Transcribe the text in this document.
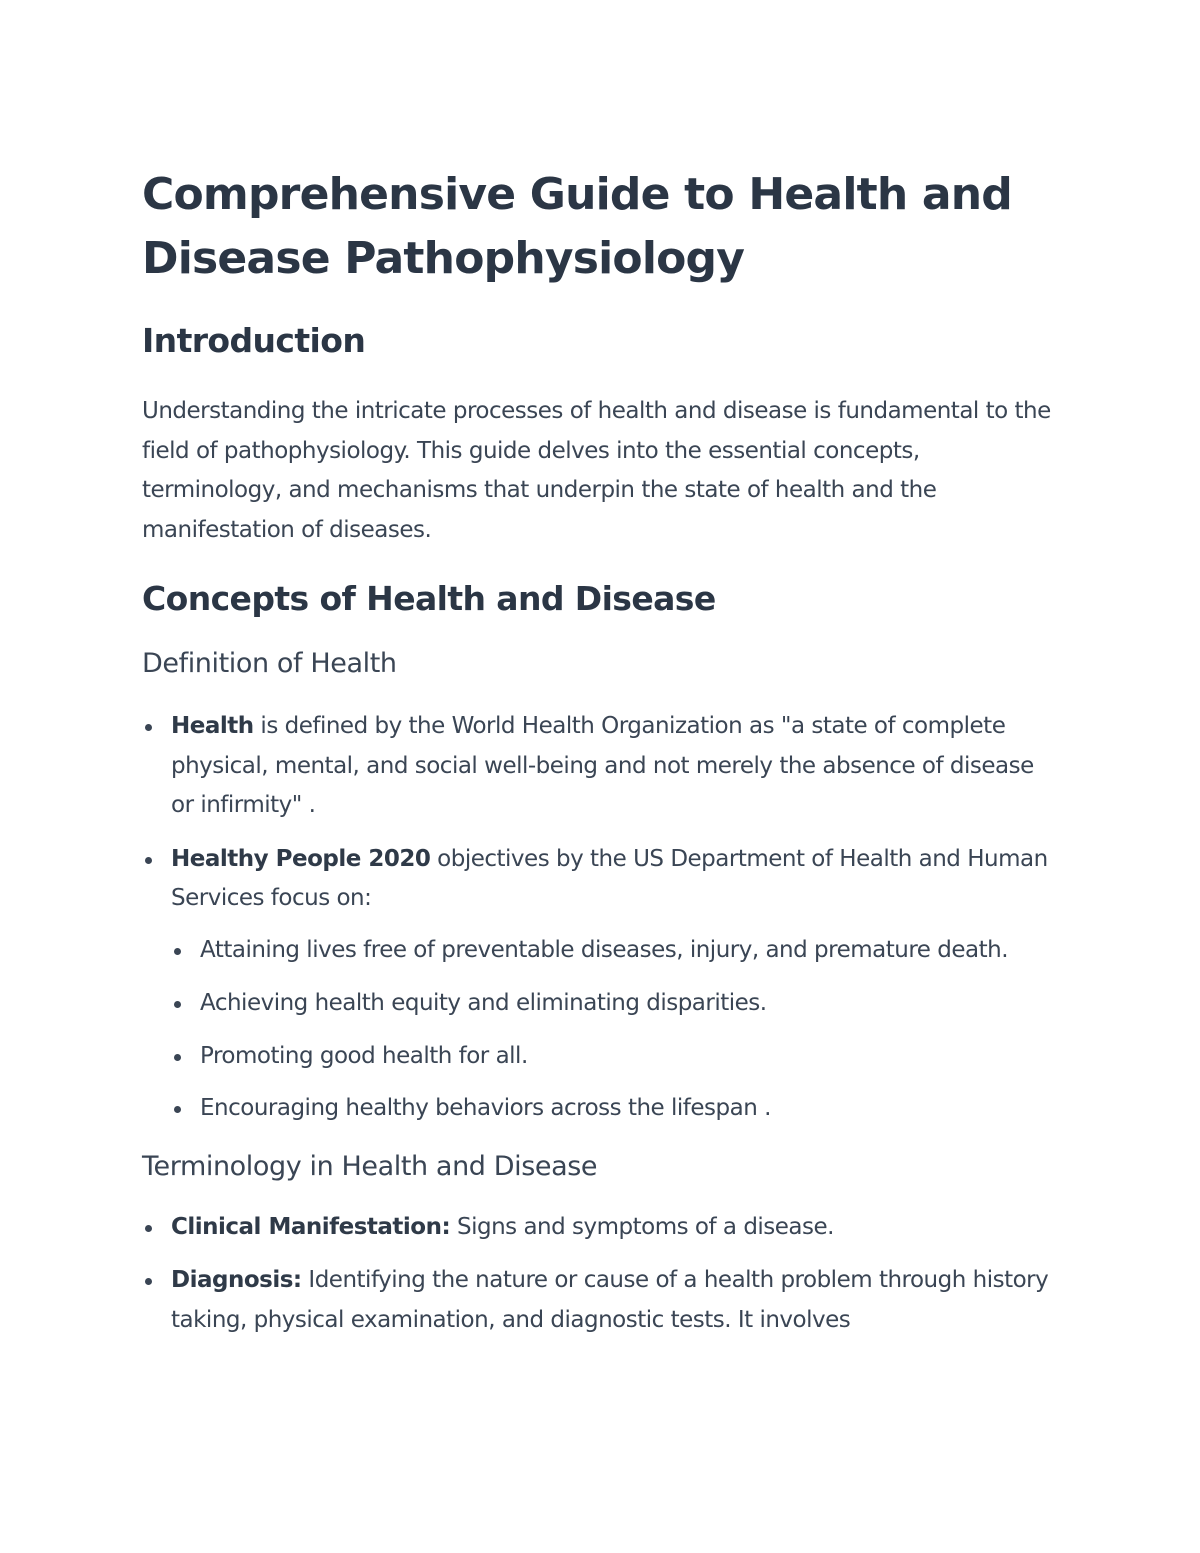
Comprehensive Guide to Health and Disease Pathophysiology
Introduction

Understanding the intricate processes of health and disease is fundamental to the field of pathophysiology. This guide delves into the essential concepts, terminology, and mechanisms that underpin the state of health and the manifestation of diseases.

Concepts of Health and Disease
Definition of Health
Health is defined by the World Health Organization as "a state of complete physical, mental, and social well-being and not merely the absence of disease or infirmity" .
Healthy People 2020 objectives by the US Department of Health and Human Services focus on:
Attaining lives free of preventable diseases, injury, and premature death.
Achieving health equity and eliminating disparities.
Promoting good health for all.
Encouraging healthy behaviors across the lifespan .
Terminology in Health and Disease
Clinical Manifestation: Signs and symptoms of a disease.
Diagnosis: Identifying the nature or cause of a health problem through history taking, physical examination, and diagnostic tests. It involves
